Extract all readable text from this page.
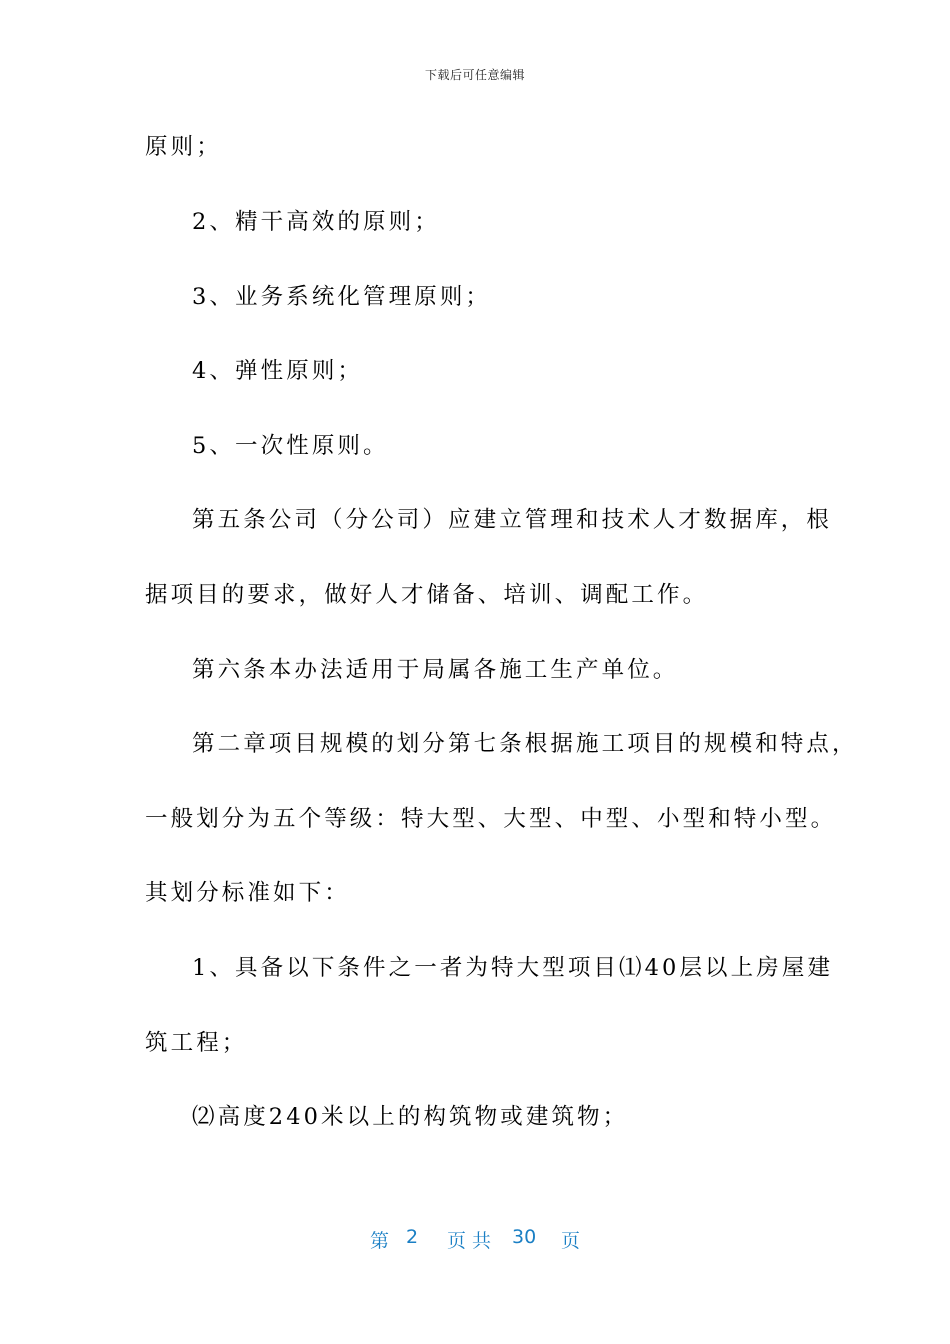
下载后可任意编辑
原则；
2、精干高效的原则；
3、业务系统化管理原则；
4、弹性原则；
5、一次性原则。
第五条公司（分公司）应建立管理和技术人才数据库，根
据项目的要求，做好人才储备、培训、调配工作。
第六条本办法适用于局属各施工生产单位。
第二章项目规模的划分第七条根据施工项目的规模和特点，
一般划分为五个等级：特大型、大型、中型、小型和特小型。
其划分标准如下：
1、具备以下条件之一者为特大型项目⑴40层以上房屋建
筑工程；
⑵高度240米以上的构筑物或建筑物；
第 2 页 共 30 页
